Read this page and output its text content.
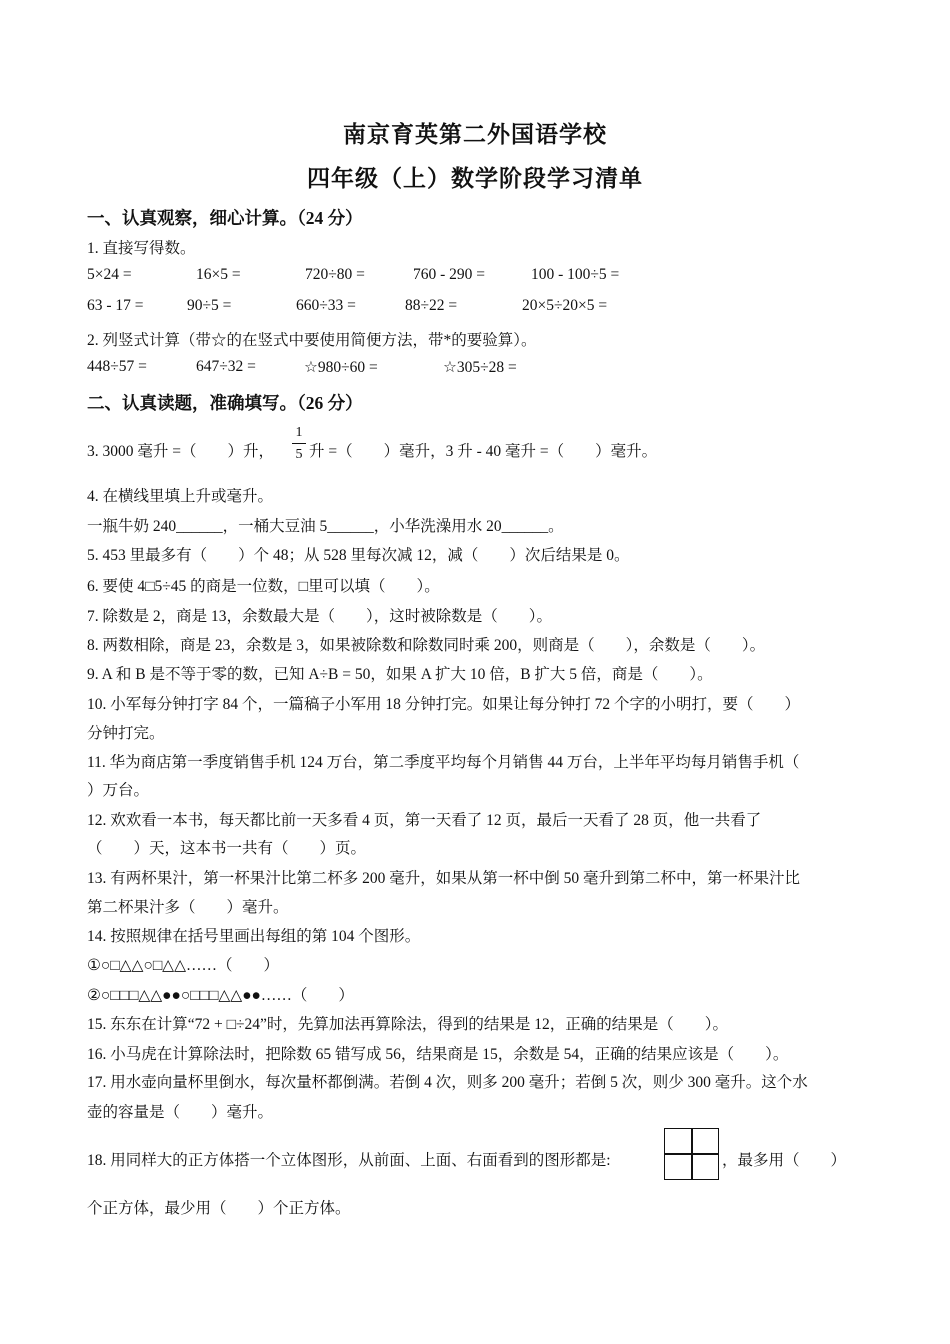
南京育英第二外国语学校
四年级（上）数学阶段学习清单
一、认真观察，细心计算。（24 分）
1. 直接写得数。
5×24 =	16×5 =	720÷80 =	760 - 290 =	100 - 100÷5 =
63 - 17 =	90÷5 =	660÷33 =	88÷22 =	20×5÷20×5 =
2. 列竖式计算（带☆的在竖式中要使用简便方法，带*的要验算）。
448÷57 =	647÷32 =	☆980÷60 =	☆305÷28 =
二、认真读题，准确填写。（26 分）
3. 3000 毫升 =（　　）升，
1
5 升 =（　　）毫升，3 升 - 40 毫升 =（　　）毫升。
4. 在横线里填上升或毫升。
一瓶牛奶 240______，一桶大豆油 5______，小华洗澡用水 20______。
5. 453 里最多有（　　）个 48；从 528 里每次减 12，减（　　）次后结果是 0。
6. 要使 4□5÷45 的商是一位数，□里可以填（　　）。
7. 除数是 2，商是 13，余数最大是（　　），这时被除数是（　　）。
8. 两数相除，商是 23，余数是 3，如果被除数和除数同时乘 200，则商是（　　），余数是（　　）。
9. A 和 B 是不等于零的数，已知 A÷B = 50，如果 A 扩大 10 倍，B 扩大 5 倍，商是（　　）。
10. 小军每分钟打字 84 个，一篇稿子小军用 18 分钟打完。如果让每分钟打 72 个字的小明打，要（　　）
分钟打完。
11. 华为商店第一季度销售手机 124 万台，第二季度平均每个月销售 44 万台，上半年平均每月销售手机（
）万台。
12. 欢欢看一本书，每天都比前一天多看 4 页，第一天看了 12 页，最后一天看了 28 页，他一共看了
（　　）天，这本书一共有（　　）页。
13. 有两杯果汁，第一杯果汁比第二杯多 200 毫升，如果从第一杯中倒 50 毫升到第二杯中，第一杯果汁比
第二杯果汁多（　　）毫升。
14. 按照规律在括号里画出每组的第 104 个图形。
①○□△△○□△△……（　　）
②○□□□△△●●○□□□△△●●……（　　）
15. 东东在计算“72 + □÷24”时，先算加法再算除法，得到的结果是 12，正确的结果是（　　）。
16. 小马虎在计算除法时，把除数 65 错写成 56，结果商是 15，余数是 54，正确的结果应该是（　　）。
17. 用水壶向量杯里倒水，每次量杯都倒满。若倒 4 次，则多 200 毫升；若倒 5 次，则少 300 毫升。这个水
壶的容量是（　　）毫升。
18. 用同样大的正方体搭一个立体图形，从前面、上面、右面看到的图形都是:	，最多用（　　）
个正方体，最少用（　　）个正方体。
